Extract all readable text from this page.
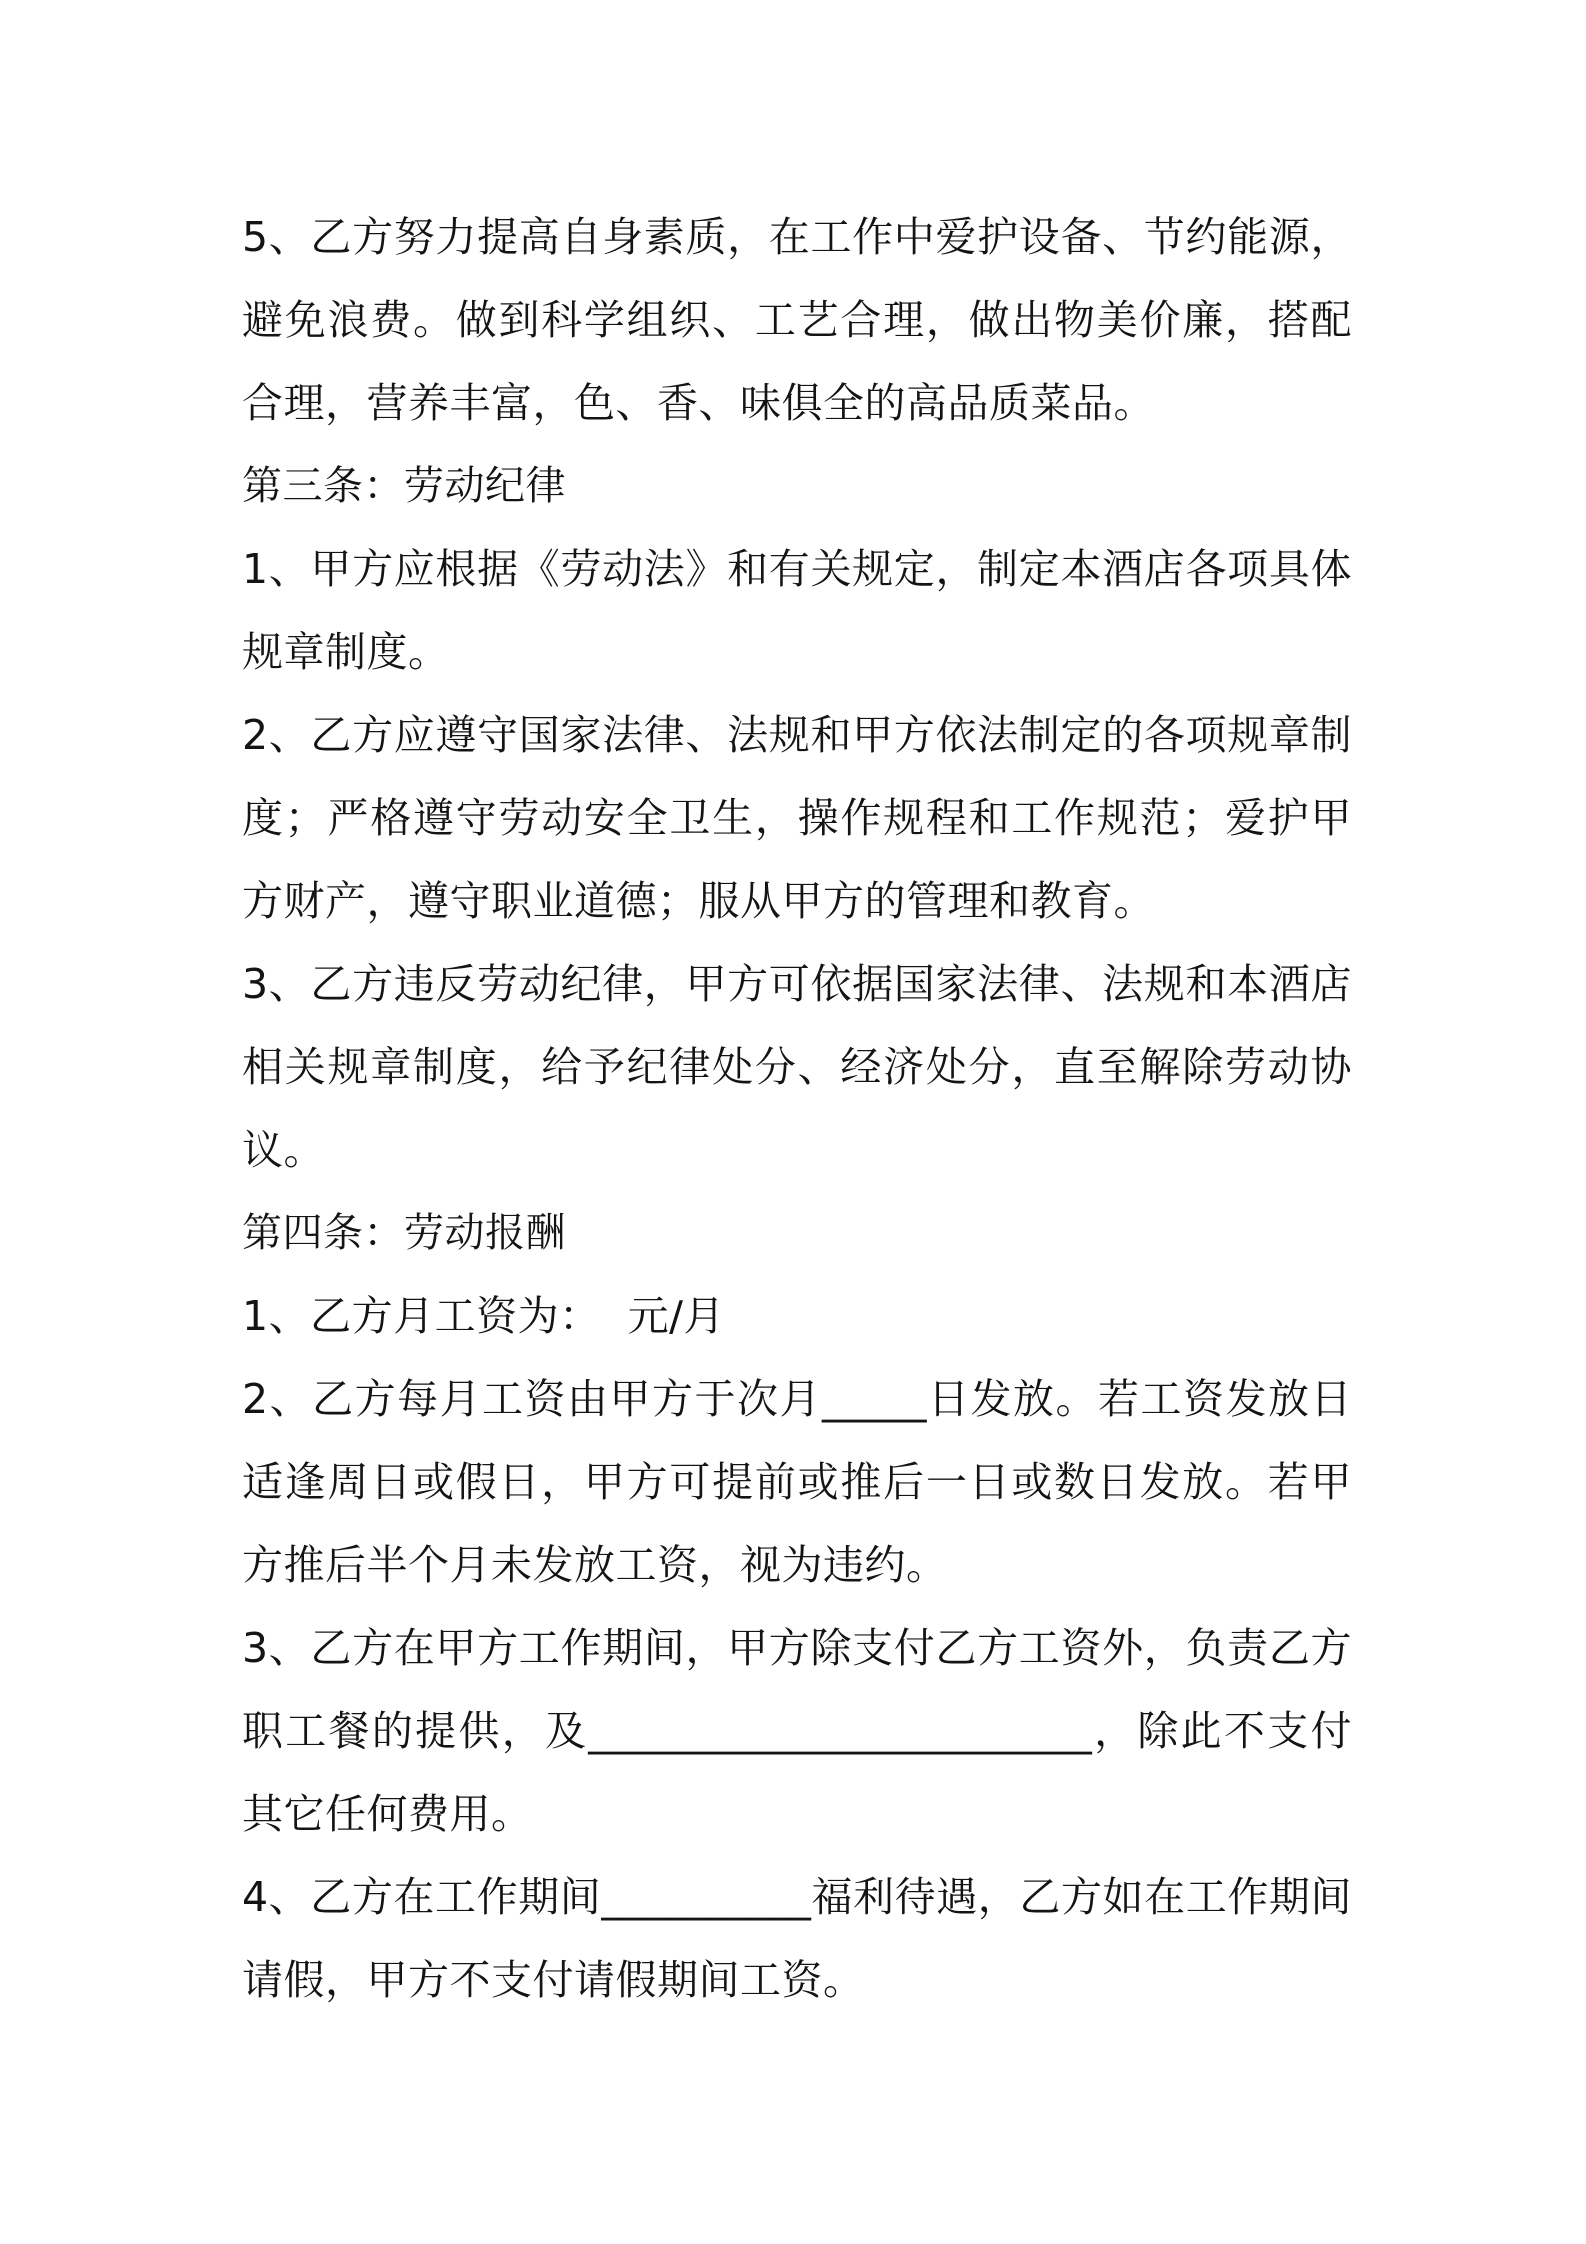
5、乙方努力提高自身素质，在工作中爱护设备、节约能源，避免浪费。做到科学组织、工艺合理，做出物美价廉，搭配合理，营养丰富，色、香、味俱全的高品质菜品。

第三条：劳动纪律

1、甲方应根据《劳动法》和有关规定，制定本酒店各项具体规章制度。

2、乙方应遵守国家法律、法规和甲方依法制定的各项规章制度；严格遵守劳动安全卫生，操作规程和工作规范；爱护甲方财产，遵守职业道德；服从甲方的管理和教育。

3、乙方违反劳动纪律，甲方可依据国家法律、法规和本酒店相关规章制度，给予纪律处分、经济处分，直至解除劳动协议。

第四条：劳动报酬

1、乙方月工资为：  元/月

2、乙方每月工资由甲方于次月_____日发放。若工资发放日适逢周日或假日，甲方可提前或推后一日或数日发放。若甲方推后半个月未发放工资，视为违约。

3、乙方在甲方工作期间，甲方除支付乙方工资外，负责乙方职工餐的提供，及________________________，除此不支付其它任何费用。

4、乙方在工作期间__________福利待遇，乙方如在工作期间请假，甲方不支付请假期间工资。
